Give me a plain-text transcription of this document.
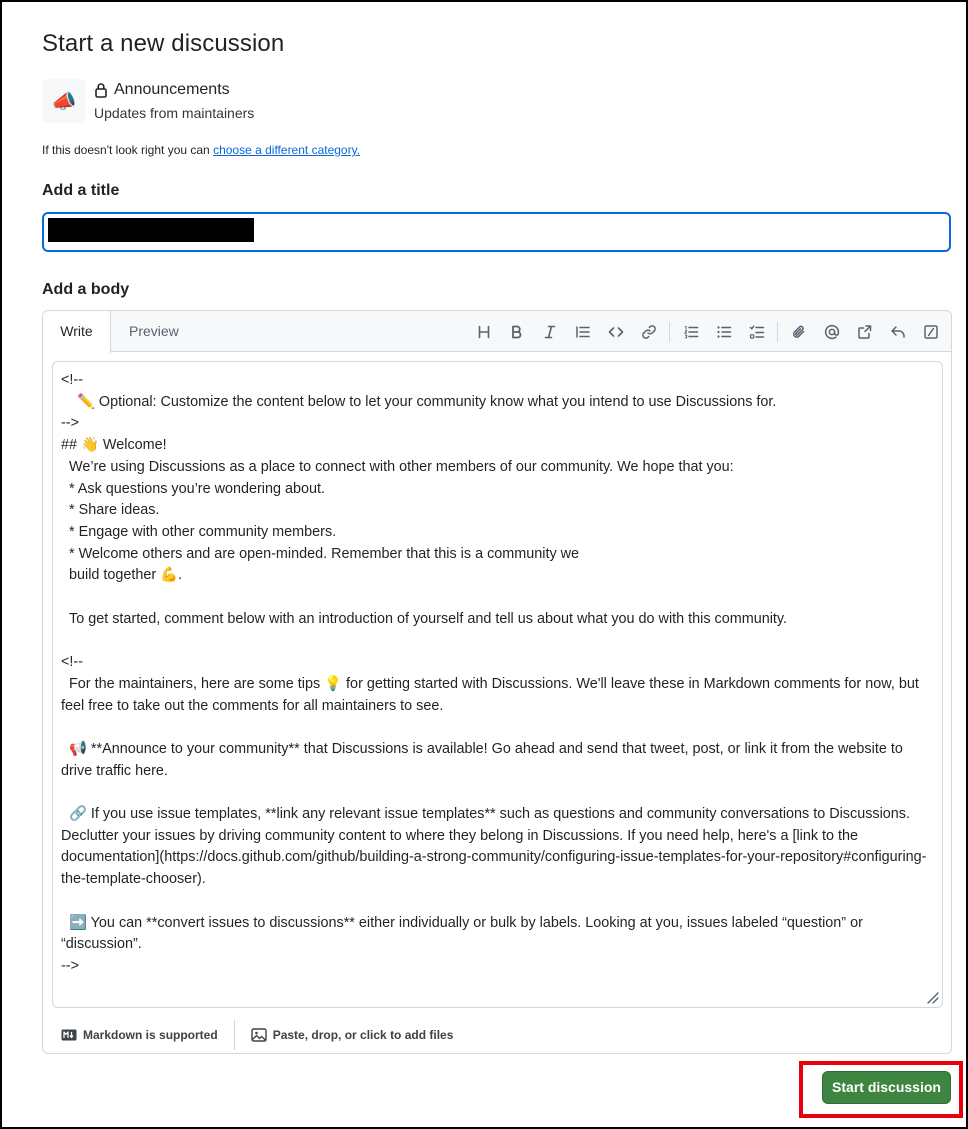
Start a new discussion
📣
Announcements
Updates from maintainers
If this doesn't look right you can choose a different category.
Add a title
Add a body
Write	Preview
<!--
✏️ Optional: Customize the content below to let your community know what you intend to use Discussions for.
-->
## 👋 Welcome!
We’re using Discussions as a place to connect with other members of our community. We hope that you:
* Ask questions you’re wondering about.
* Share ideas.
* Engage with other community members.
* Welcome others and are open-minded. Remember that this is a community we
build together 💪.

To get started, comment below with an introduction of yourself and tell us about what you do with this community.

<!--
For the maintainers, here are some tips 💡 for getting started with Discussions. We'll leave these in Markdown comments for now, but feel free to take out the comments for all maintainers to see.

📢 **Announce to your community** that Discussions is available! Go ahead and send that tweet, post, or link it from the website to drive traffic here.

🔗 If you use issue templates, **link any relevant issue templates** such as questions and community conversations to Discussions. Declutter your issues by driving community content to where they belong in Discussions. If you need help, here's a [link to the documentation](https://docs.github.com/github/building-a-strong-community/configuring-issue-templates-for-your-repository#configuring-the-template-chooser).

➡️ You can **convert issues to discussions** either individually or bulk by labels. Looking at you, issues labeled “question” or “discussion”.
-->
Markdown is supported	Paste, drop, or click to add files
Start discussion
